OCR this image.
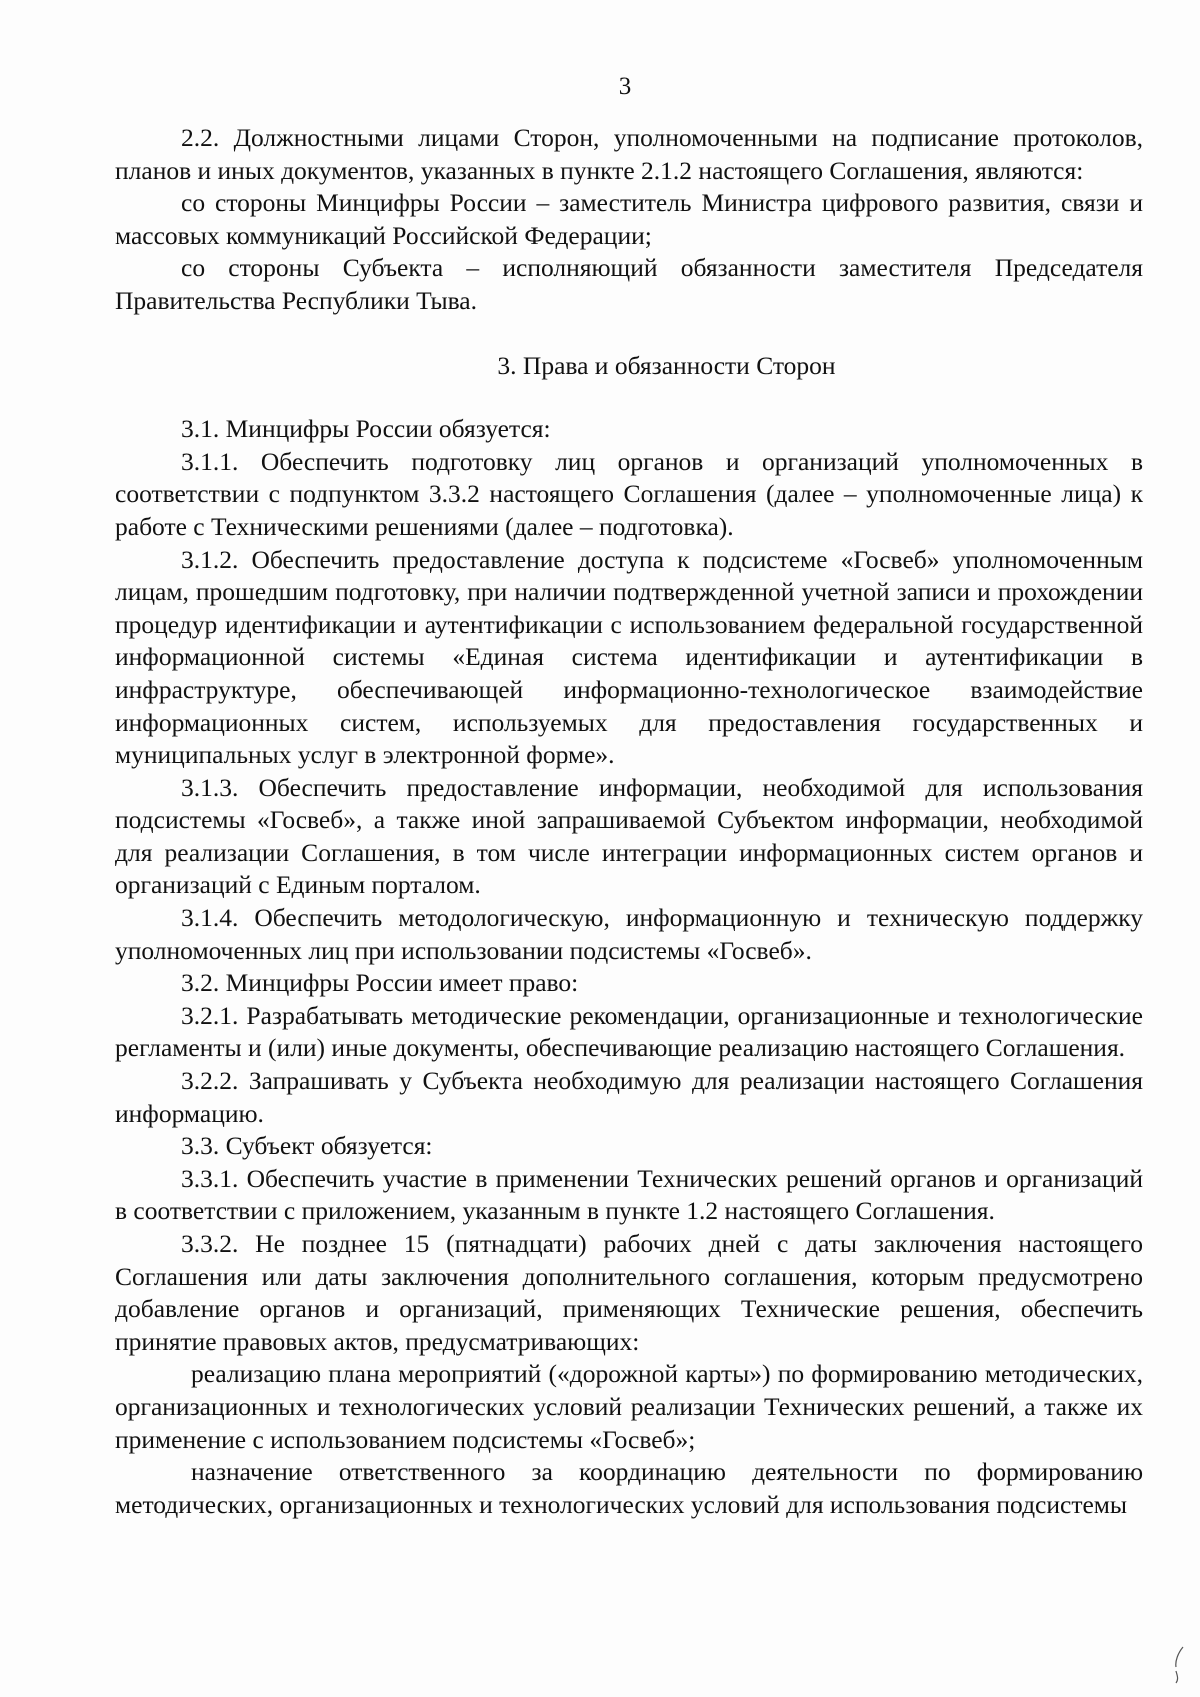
3

2.2. Должностными лицами Сторон, уполномоченными на подписание протоколов, планов и иных документов, указанных в пункте 2.1.2 настоящего Соглашения, являются:

со стороны Минцифры России – заместитель Министра цифрового развития, связи и массовых коммуникаций Российской Федерации;

со стороны Субъекта – исполняющий обязанности заместителя Председателя Правительства Республики Тыва.

3. Права и обязанности Сторон

3.1. Минцифры России обязуется:

3.1.1. Обеспечить подготовку лиц органов и организаций уполномоченных в соответствии с подпунктом 3.3.2 настоящего Соглашения (далее – уполномоченные лица) к работе с Техническими решениями (далее – подготовка).

3.1.2. Обеспечить предоставление доступа к подсистеме «Госвеб» уполномоченным лицам, прошедшим подготовку, при наличии подтвержденной учетной записи и прохождении процедур идентификации и аутентификации с использованием федеральной государственной информационной системы «Единая система идентификации и аутентификации в инфраструктуре, обеспечивающей информационно-технологическое взаимодействие информационных систем, используемых для предоставления государственных и муниципальных услуг в электронной форме».

3.1.3. Обеспечить предоставление информации, необходимой для использования подсистемы «Госвеб», а также иной запрашиваемой Субъектом информации, необходимой для реализации Соглашения, в том числе интеграции информационных систем органов и организаций с Единым порталом.

3.1.4. Обеспечить методологическую, информационную и техническую поддержку уполномоченных лиц при использовании подсистемы «Госвеб».

3.2. Минцифры России имеет право:

3.2.1. Разрабатывать методические рекомендации, организационные и технологические регламенты и (или) иные документы, обеспечивающие реализацию настоящего Соглашения.

3.2.2. Запрашивать у Субъекта необходимую для реализации настоящего Соглашения информацию.

3.3. Субъект обязуется:

3.3.1. Обеспечить участие в применении Технических решений органов и организаций в соответствии с приложением, указанным в пункте 1.2 настоящего Соглашения.

3.3.2. Не позднее 15 (пятнадцати) рабочих дней с даты заключения настоящего Соглашения или даты заключения дополнительного соглашения, которым предусмотрено добавление органов и организаций, применяющих Технические решения, обеспечить принятие правовых актов, предусматривающих:

реализацию плана мероприятий («дорожной карты») по формированию методических, организационных и технологических условий реализации Технических решений, а также их применение с использованием подсистемы «Госвеб»;

назначение ответственного за координацию деятельности по формированию методических, организационных и технологических условий для использования подсистемы
